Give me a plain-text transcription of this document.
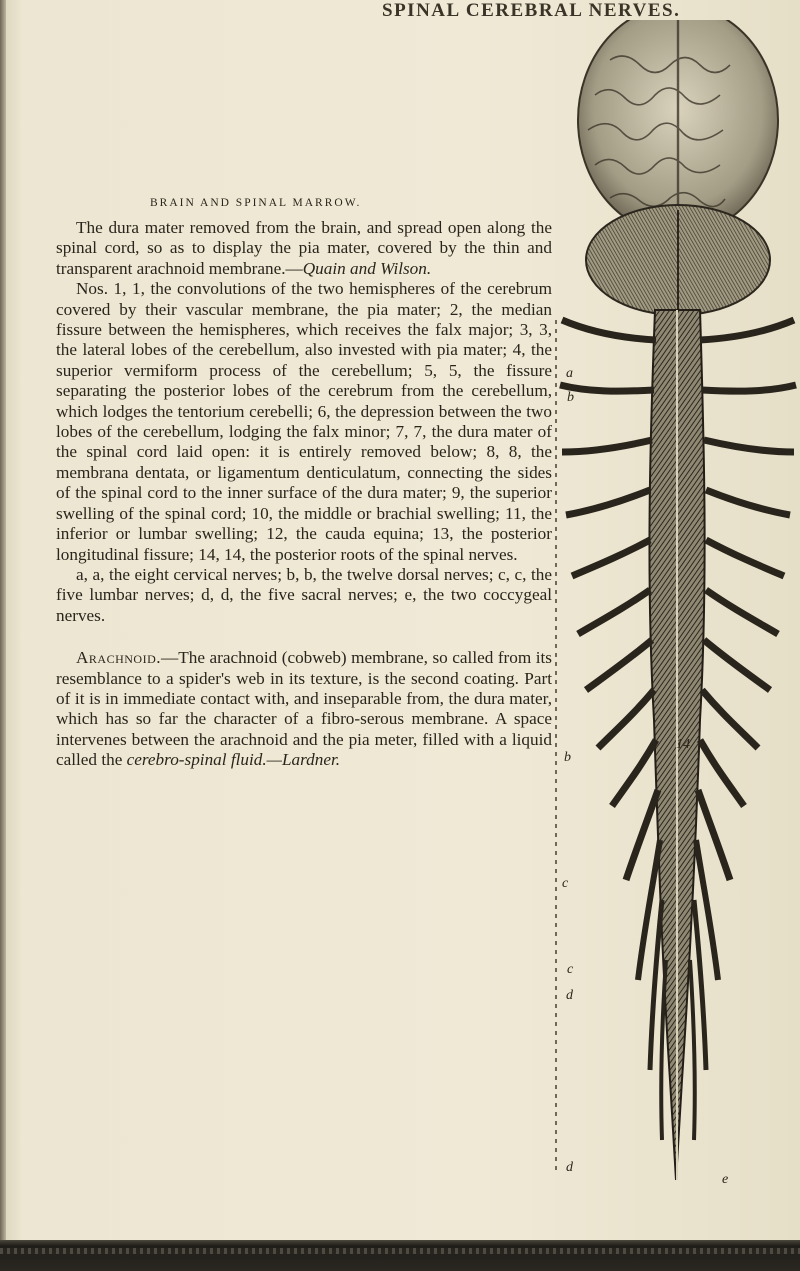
SPINAL CEREBRAL NERVES.
BRAIN AND SPINAL MARROW.

The dura mater removed from the brain, and spread open along the spinal cord, so as to display the pia mater, covered by the thin and transparent arachnoid membrane.—Quain and Wilson.

Nos. 1, 1, the convolutions of the two hemispheres of the cerebrum covered by their vascular membrane, the pia mater; 2, the median fissure between the hemispheres, which receives the falx major; 3, 3, the lateral lobes of the cerebellum, also invested with pia mater; 4, the superior vermiform process of the cerebellum; 5, 5, the fissure separating the posterior lobes of the cerebrum from the cerebellum, which lodges the tentorium cerebelli; 6, the depression between the two lobes of the cerebellum, lodging the falx minor; 7, 7, the dura mater of the spinal cord laid open: it is entirely removed below; 8, 8, the membrana dentata, or ligamentum denticulatum, connecting the sides of the spinal cord to the inner surface of the dura mater; 9, the superior swelling of the spinal cord; 10, the middle or brachial swelling; 11, the inferior or lumbar swelling; 12, the cauda equina; 13, the posterior longitudinal fissure; 14, 14, the posterior roots of the spinal nerves.

a, a, the eight cervical nerves; b, b, the twelve dorsal nerves; c, c, the five lumbar nerves; d, d, the five sacral nerves; e, the two coccygeal nerves.

Arachnoid.—The arachnoid (cobweb) membrane, so called from its resemblance to a spider's web in its texture, is the second coating. Part of it is in immediate contact with, and inseparable from, the dura mater, which has so far the character of a fibro-serous membrane. A space intervenes between the arachnoid and the pia meter, filled with a liquid called the cerebro-spinal fluid.—Lardner.

a
b
b
14
c
c
d
d
e
